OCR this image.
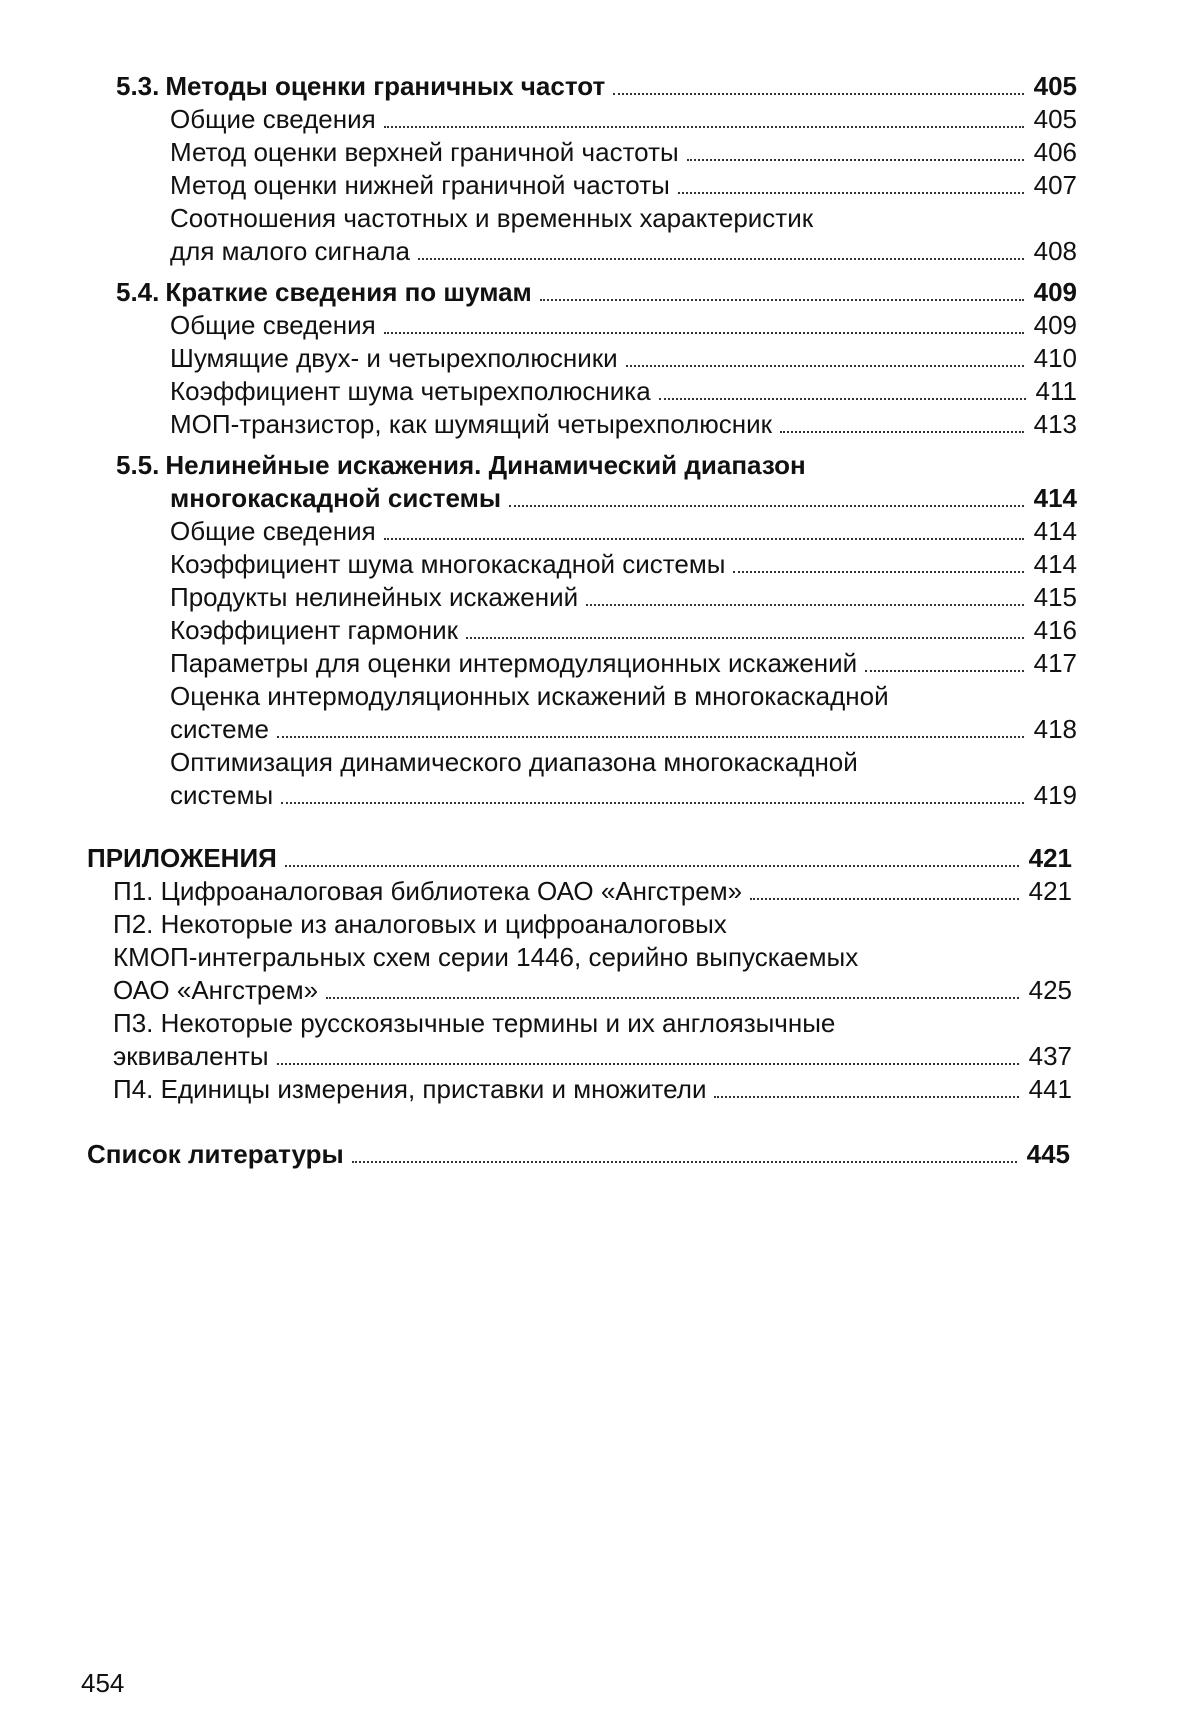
5.3. Методы оценки граничных частот	405
Общие сведения	405
Метод оценки верхней граничной частоты	406
Метод оценки нижней граничной частоты	407
Соотношения частотных и временных характеристик
для малого сигнала	408
5.4. Краткие сведения по шумам	409
Общие сведения	409
Шумящие двух- и четырехполюсники	410
Коэффициент шума четырехполюсника	411
МОП-транзистор, как шумящий четырехполюсник	413
5.5. Нелинейные искажения. Динамический диапазон
многокаскадной системы	414
Общие сведения	414
Коэффициент шума многокаскадной системы	414
Продукты нелинейных искажений	415
Коэффициент гармоник	416
Параметры для оценки интермодуляционных искажений	417
Оценка интермодуляционных искажений в многокаскадной
системе	418
Оптимизация динамического диапазона многокаскадной
системы	419
ПРИЛОЖЕНИЯ	421
П1. Цифроаналоговая библиотека ОАО «Ангстрем»	421
П2. Некоторые из аналоговых и цифроаналоговых
КМОП-интегральных схем серии 1446, серийно выпускаемых
ОАО «Ангстрем»	425
П3. Некоторые русскоязычные термины и их англоязычные
эквиваленты	437
П4. Единицы измерения, приставки и множители	441
Список литературы	445
454
